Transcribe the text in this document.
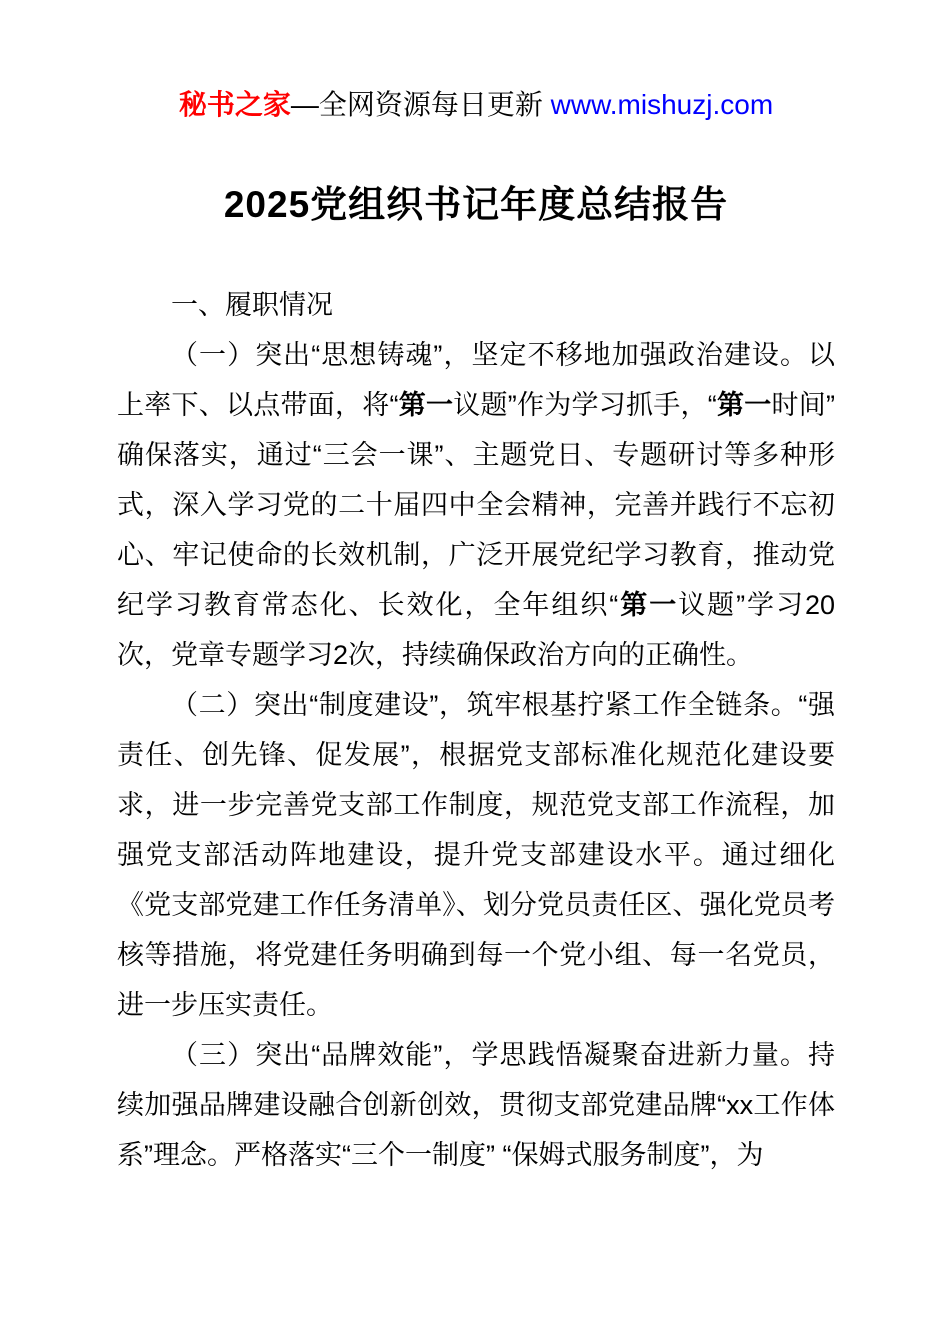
秘书之家—全网资源每日更新 www.mishuzj.com
2025党组织书记年度总结报告

一、履职情况

（一）突出“思想铸魂”，坚定不移地加强政治建设。以上率下、以点带面，将“第一议题”作为学习抓手，“第一时间”确保落实，通过“三会一课”、主题党日、专题研讨等多种形式，深入学习党的二十届四中全会精神，完善并践行不忘初心、牢记使命的长效机制，广泛开展党纪学习教育，推动党纪学习教育常态化、长效化，全年组织“第一议题”学习20次，党章专题学习2次，持续确保政治方向的正确性。

（二）突出“制度建设”，筑牢根基拧紧工作全链条。“强责任、创先锋、促发展”，根据党支部标准化规范化建设要求，进一步完善党支部工作制度，规范党支部工作流程，加强党支部活动阵地建设，提升党支部建设水平。通过细化《党支部党建工作任务清单》、划分党员责任区、强化党员考核等措施，将党建任务明确到每一个党小组、每一名党员，进一步压实责任。

（三）突出“品牌效能”，学思践悟凝聚奋进新力量。持续加强品牌建设融合创新创效，贯彻支部党建品牌“xx工作体系”理念。严格落实“三个一制度” “保姆式服务制度”，为
